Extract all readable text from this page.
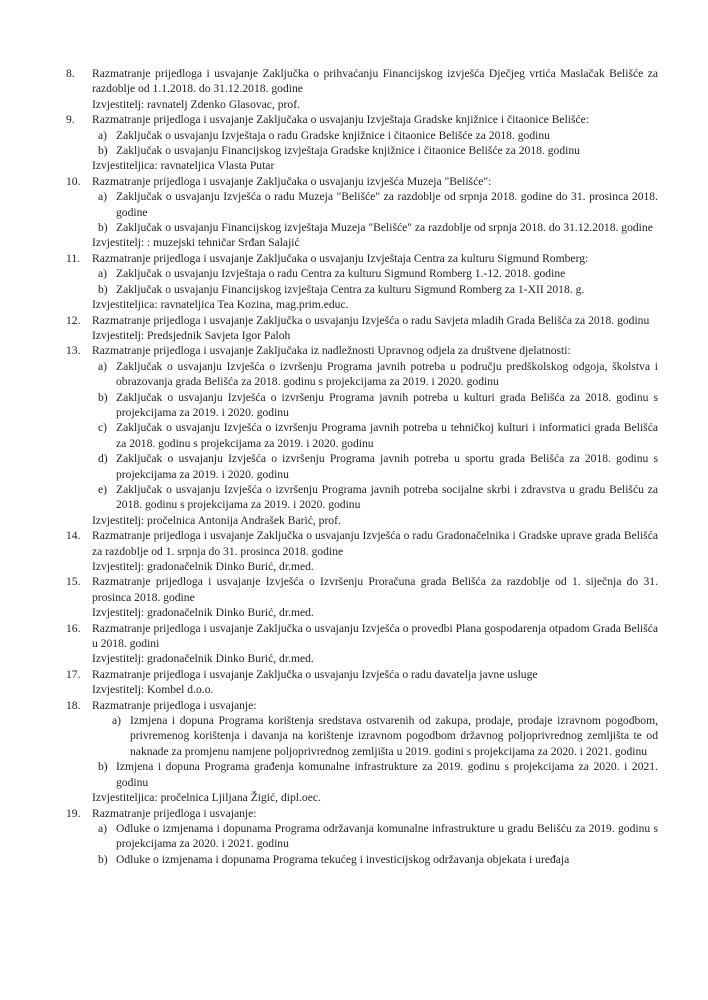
8.	Razmatranje prijedloga i usvajanje Zaključka o prihvaćanju Financijskog izvješća Dječjeg vrtića Maslačak Belišće za razdoblje od 1.1.2018. do 31.12.2018. godine
Izvjestitelj: ravnatelj Zdenko Glasovac, prof.
9.	Razmatranje prijedloga i usvajanje Zaključaka o usvajanju Izvještaja Gradske knjižnice i čitaonice Belišće:
a) Zaključak o usvajanju Izvještaja o radu Gradske knjižnice i čitaonice Belišće za 2018. godinu
b) Zaključak o usvajanju Financijskog izvještaja Gradske knjižnice i čitaonice Belišće za 2018. godinu
Izvjestiteljica: ravnateljica Vlasta Putar
10. Razmatranje prijedloga i usvajanje Zaključaka o usvajanju izvješća Muzeja "Belišće":
a) Zaključak o usvajanju Izvješća o radu Muzeja "Belišće" za razdoblje od srpnja 2018. godine do 31. prosinca 2018. godine
b) Zaključak o usvajanju Financijskog izvještaja Muzeja "Belišće" za razdoblje od srpnja 2018. do 31.12.2018. godine
Izvjestitelj: : muzejski tehničar Srđan Salajić
11.	Razmatranje prijedloga i usvajanje Zaključaka o usvajanju Izvještaja Centra za kulturu Sigmund Romberg:
a) Zaključak o usvajanju Izvještaja o radu Centra za kulturu Sigmund Romberg 1.-12. 2018. godine
b) Zaključak o usvajanju Financijskog izvještaja Centra za kulturu Sigmund Romberg za 1-XII 2018. g.
Izvjestiteljica: ravnateljica Tea Kozina, mag.prim.educ.
12. Razmatranje prijedloga i usvajanje Zaključka o usvajanju Izvješća o radu Savjeta mladih Grada Belišća za 2018. godinu
Izvjestitelj: Predsjednik Savjeta Igor Paloh
13. Razmatranje prijedloga i usvajanje Zaključaka iz nadležnosti Upravnog odjela za društvene djelatnosti:
a) Zaključak o usvajanju Izvješća o izvršenju Programa javnih potreba u području predškolskog odgoja, školstva i obrazovanja grada Belišća za 2018. godinu s projekcijama za 2019. i 2020. godinu
b) Zaključak o usvajanju Izvješća o izvršenju Programa javnih potreba u kulturi grada Belišća za 2018. godinu s projekcijama za 2019. i 2020. godinu
c) Zaključak o usvajanju Izvješća o izvršenju Programa javnih potreba u tehničkoj kulturi i informatici grada Belišća za 2018. godinu s projekcijama za 2019. i 2020. godinu
d) Zaključak o usvajanju Izvješća o izvršenju Programa javnih potreba u sportu grada Belišća za 2018. godinu s projekcijama za 2019. i 2020. godinu
e) Zaključak o usvajanju Izvješća o izvršenju Programa javnih potreba socijalne skrbi i zdravstva u gradu Belišću za 2018. godinu s projekcijama za 2019. i 2020. godinu
Izvjestitelj: pročelnica Antonija Andrašek Barić, prof.
14. Razmatranje prijedloga i usvajanje Zaključka o usvajanju Izvješća o radu Gradonačelnika i Gradske uprave grada Belišća za razdoblje od 1. srpnja do 31. prosinca 2018. godine
Izvjestitelj: gradonačelnik Dinko Burić, dr.med.
15. Razmatranje prijedloga i usvajanje Izvješća o Izvršenju Proračuna grada Belišća za razdoblje od 1. siječnja do 31. prosinca 2018. godine
Izvjestitelj: gradonačelnik Dinko Burić, dr.med.
16. Razmatranje prijedloga i usvajanje Zaključka o usvajanju Izvješća o provedbi Plana gospodarenja otpadom Grada Belišća u 2018. godini
Izvjestitelj: gradonačelnik Dinko Burić, dr.med.
17. Razmatranje prijedloga i usvajanje Zaključka o usvajanju Izvješća o radu davatelja javne usluge
Izvjestitelj: Kombel d.o.o.
18. Razmatranje prijedloga i usvajanje:
a) Izmjena i dopuna Programa korištenja sredstava ostvarenih od zakupa, prodaje, prodaje izravnom pogodbom, privremenog korištenja i davanja na korištenje izravnom pogodbom državnog poljoprivrednog zemljišta te od naknade za promjenu namjene poljoprivrednog zemljišta u 2019. godini s projekcijama za 2020. i 2021. godinu
b) Izmjena i dopuna Programa građenja komunalne infrastrukture za 2019. godinu s projekcijama za 2020. i 2021. godinu
Izvjestiteljica: pročelnica Ljiljana Žigić, dipl.oec.
19. Razmatranje prijedloga i usvajanje:
a) Odluke o izmjenama i dopunama Programa održavanja komunalne infrastrukture u gradu Belišću za 2019. godinu s projekcijama za 2020. i 2021. godinu
b) Odluke o izmjenama i dopunama Programa tekućeg i investicijskog održavanja objekata i uređaja
